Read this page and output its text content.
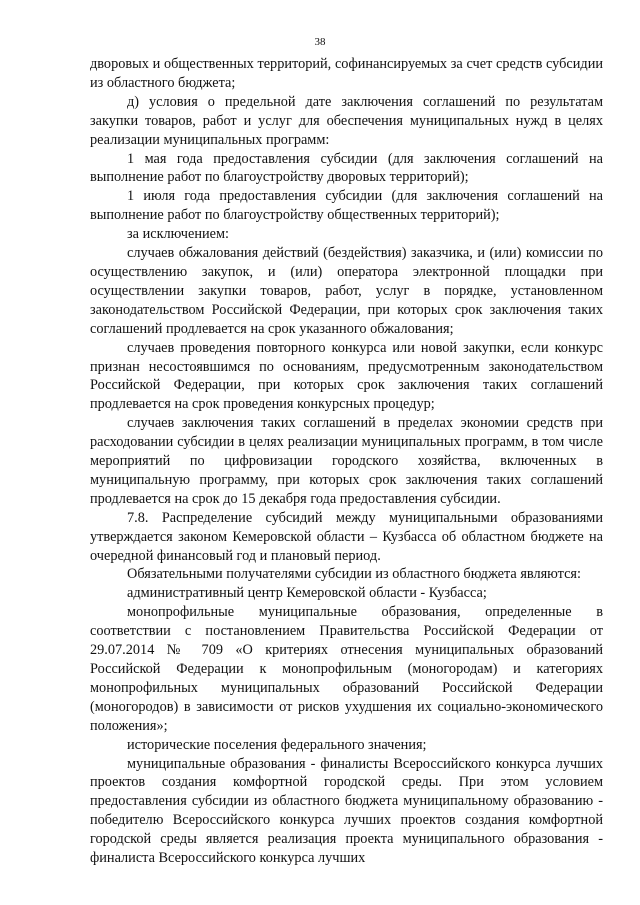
38

дворовых и общественных территорий, софинансируемых за счет средств субсидии из областного бюджета;

д) условия о предельной дате заключения соглашений по результатам закупки товаров, работ и услуг для обеспечения муниципальных нужд в целях реализации муниципальных программ:

1 мая года предоставления субсидии (для заключения соглашений на выполнение работ по благоустройству дворовых территорий);

1 июля года предоставления субсидии (для заключения соглашений на выполнение работ по благоустройству общественных территорий);

за исключением:

случаев обжалования действий (бездействия) заказчика, и (или) комиссии по осуществлению закупок, и (или) оператора электронной площадки при осуществлении закупки товаров, работ, услуг в порядке, установленном законодательством Российской Федерации, при которых срок заключения таких соглашений продлевается на срок указанного обжалования;

случаев проведения повторного конкурса или новой закупки, если конкурс признан несостоявшимся по основаниям, предусмотренным законодательством Российской Федерации, при которых срок заключения таких соглашений продлевается на срок проведения конкурсных процедур;

случаев заключения таких соглашений в пределах экономии средств при расходовании субсидии в целях реализации муниципальных программ, в том числе мероприятий по цифровизации городского хозяйства, включенных в муниципальную программу, при которых срок заключения таких соглашений продлевается на срок до 15 декабря года предоставления субсидии.

7.8. Распределение субсидий между муниципальными образованиями утверждается законом Кемеровской области – Кузбасса об областном бюджете на очередной финансовый год и плановый период.

Обязательными получателями субсидии из областного бюджета являются:

административный центр Кемеровской области - Кузбасса;

монопрофильные муниципальные образования, определенные в соответствии с постановлением Правительства Российской Федерации от 29.07.2014 № 709 «О критериях отнесения муниципальных образований Российской Федерации к монопрофильным (моногородам) и категориях монопрофильных муниципальных образований Российской Федерации (моногородов) в зависимости от рисков ухудшения их социально-экономического положения»;

исторические поселения федерального значения;

муниципальные образования - финалисты Всероссийского конкурса лучших проектов создания комфортной городской среды. При этом условием предоставления субсидии из областного бюджета муниципальному образованию - победителю Всероссийского конкурса лучших проектов создания комфортной городской среды является реализация проекта муниципального образования - финалиста Всероссийского конкурса лучших
